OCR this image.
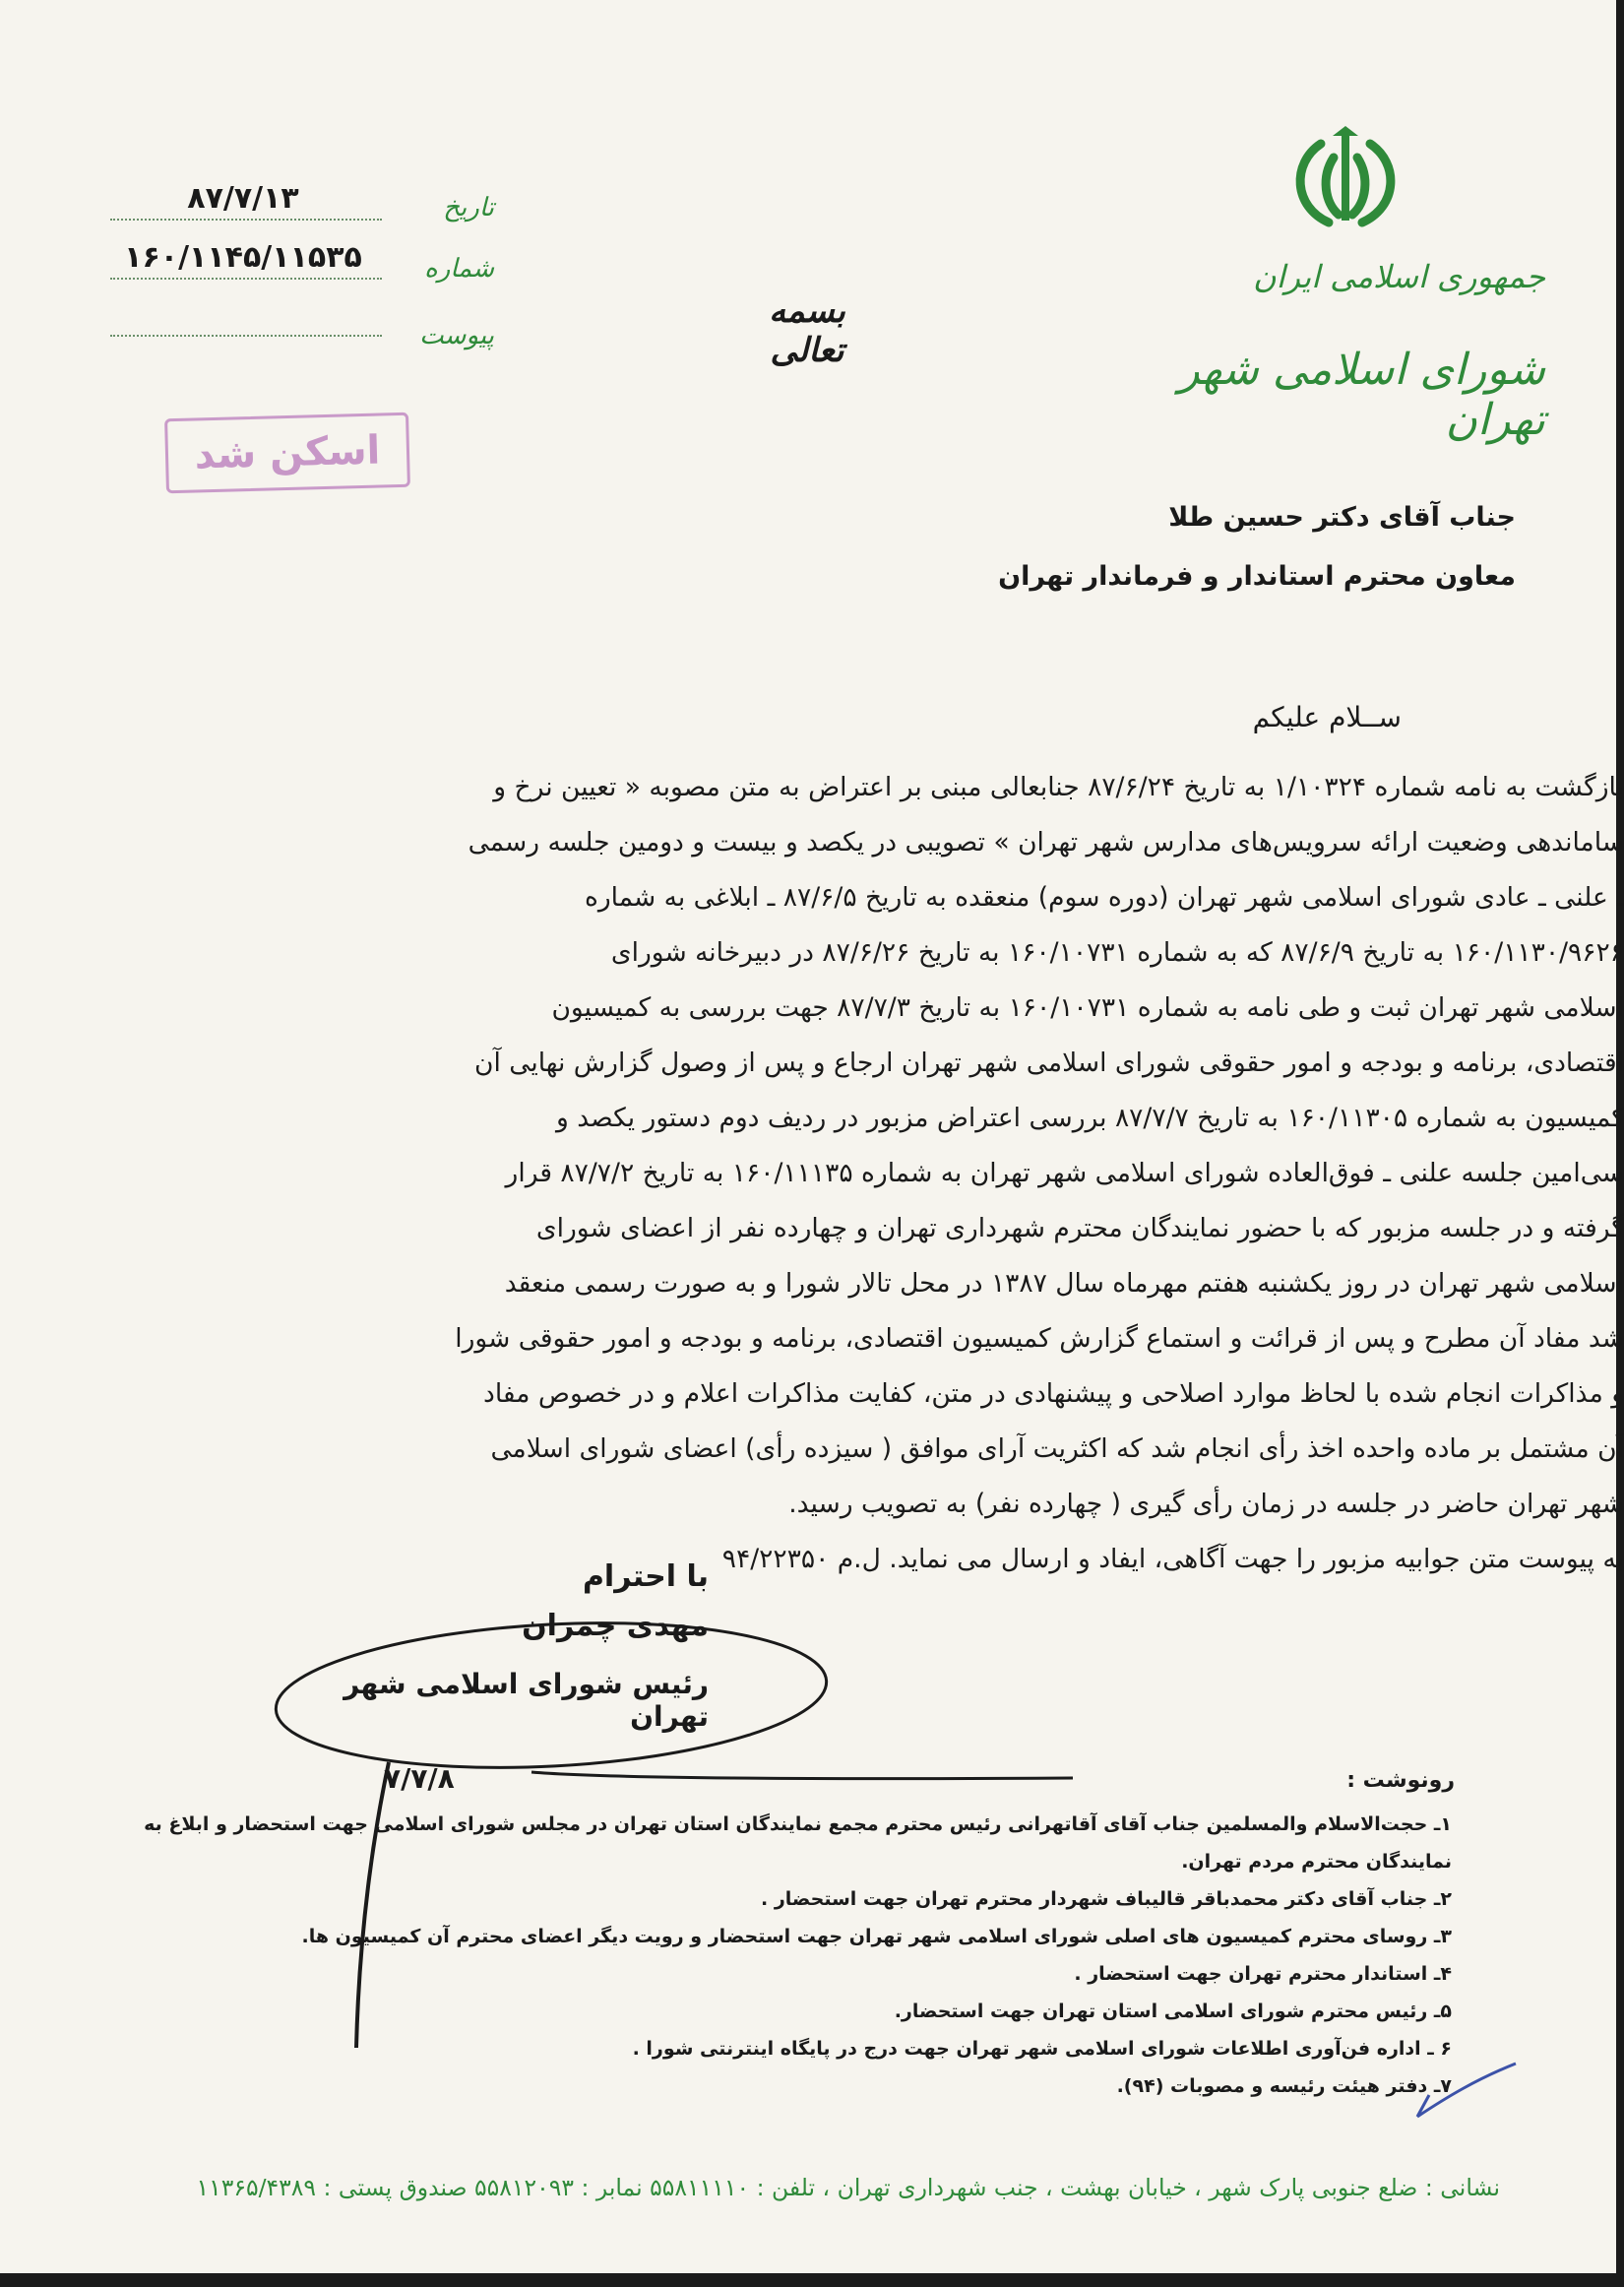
جمهوری اسلامی ایران
شورای اسلامی شهر تهران
بسمه تعالی
تاریخ
۸۷/۷/۱۳
شماره
۱۶۰/۱۱۴۵/۱۱۵۳۵
پیوست
اسکن شد
جناب آقای دکتر حسین طلا
معاون محترم استاندار و فرماندار تهران
ســلام علیکم
بازگشت به نامه شماره ۱/۱۰۳۲۴ به تاریخ ۸۷/۶/۲۴ جنابعالی مبنی بر اعتراض به متن مصوبه « تعیین نرخ و
ساماندهی وضعیت ارائه سرویس‌های مدارس شهر تهران » تصویبی در یکصد و بیست و دومین جلسه رسمی
ـ علنی ـ عادی شورای اسلامی شهر تهران (دوره سوم) منعقده به تاریخ ۸۷/۶/۵ ـ ابلاغی به شماره
۱۶۰/۱۱۳۰/۹۶۲۶ به تاریخ ۸۷/۶/۹ که به شماره ۱۶۰/۱۰۷۳۱ به تاریخ ۸۷/۶/۲۶ در دبیرخانه شورای
اسلامی شهر تهران ثبت و طی نامه به شماره ۱۶۰/۱۰۷۳۱ به تاریخ ۸۷/۷/۳ جهت بررسی به کمیسیون
اقتصادی، برنامه و بودجه و امور حقوقی شورای اسلامی شهر تهران ارجاع و پس از وصول گزارش نهایی آن
کمیسیون به شماره ۱۶۰/۱۱۳۰۵ به تاریخ ۸۷/۷/۷ بررسی اعتراض مزبور در ردیف دوم دستور یکصد و
سی‌امین جلسه علنی ـ فوق‌العاده شورای اسلامی شهر تهران به شماره ۱۶۰/۱۱۱۳۵ به تاریخ ۸۷/۷/۲ قرار
گرفته و در جلسه مزبور که با حضور نمایندگان محترم شهرداری تهران و چهارده نفر از اعضای شورای
اسلامی شهر تهران در روز یکشنبه هفتم مهرماه سال ۱۳۸۷ در محل تالار شورا و به صورت رسمی منعقد
شد مفاد آن مطرح و پس از قرائت و استماع گزارش کمیسیون اقتصادی، برنامه و بودجه و امور حقوقی شورا
و مذاکرات انجام شده با لحاظ موارد اصلاحی و پیشنهادی در متن، کفایت مذاکرات اعلام و در خصوص مفاد
آن مشتمل بر ماده واحده اخذ رأی انجام شد که اکثریت آرای موافق ( سیزده رأی) اعضای شورای اسلامی
شهر تهران حاضر در جلسه در زمان رأی گیری ( چهارده نفر) به تصویب رسید.
به پیوست متن جوابیه مزبور را جهت آگاهی، ایفاد و ارسال می نماید. ل.م ۹۴/۲۲۳۵۰
با احترام
مهدی چمران
رئیس شورای اسلامی شهر تهران
۷/۷/۸	رونوشت :
۱ـ حجت‌الاسلام والمسلمین جناب آقای آقاتهرانی رئیس محترم مجمع نمایندگان استان تهران در مجلس شورای اسلامی جهت استحضار و ابلاغ به
نمایندگان محترم مردم تهران.
۲ـ جناب آقای دکتر محمدباقر قالیباف شهردار محترم تهران جهت استحضار .
۳ـ روسای محترم کمیسیون های اصلی شورای اسلامی شهر تهران جهت استحضار و رویت دیگر اعضای محترم آن کمیسیون ها.
۴ـ استاندار محترم تهران جهت استحضار .
۵ـ رئیس محترم شورای اسلامی استان تهران جهت استحضار.
۶ ـ اداره فن‌آوری اطلاعات شورای اسلامی شهر تهران جهت درج در پایگاه اینترنتی شورا .
۷ـ دفتر هیئت رئیسه و مصوبات (۹۴).
نشانی : ضلع جنوبی پارک شهر ، خیابان بهشت ، جنب شهرداری تهران ، تلفن : ۵۵۸۱۱۱۱۰ نمابر : ۵۵۸۱۲۰۹۳ صندوق پستی : ۱۱۳۶۵/۴۳۸۹
